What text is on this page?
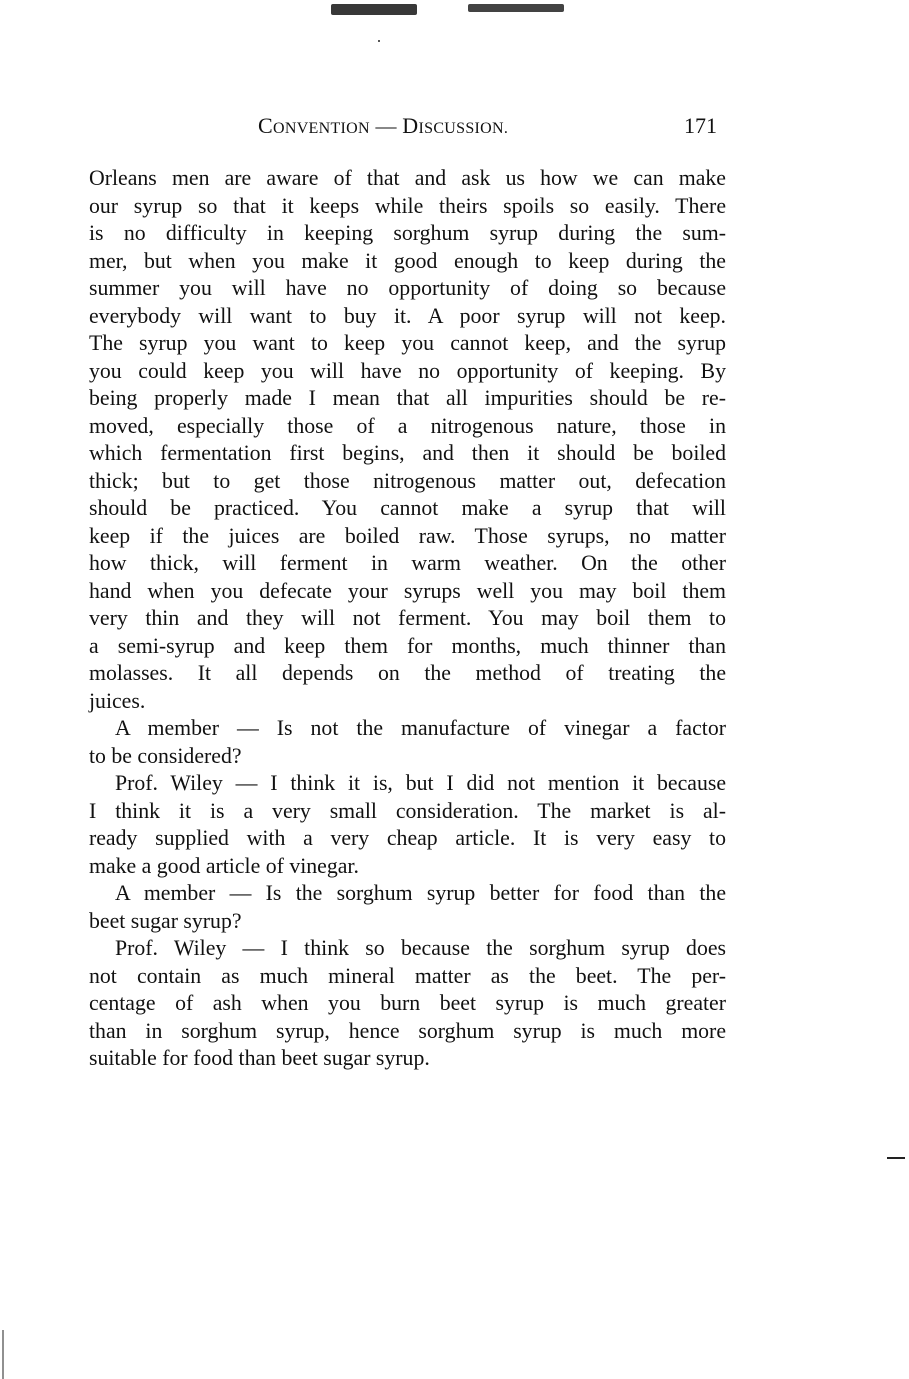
CONVENTION — DISCUSSION.	171
Orleans men are aware of that and ask us how we can make
our syrup so that it keeps while theirs spoils so easily. There
is no difficulty in keeping sorghum syrup during the sum-
mer, but when you make it good enough to keep during the
summer you will have no opportunity of doing so because
everybody will want to buy it. A poor syrup will not keep.
The syrup you want to keep you cannot keep, and the syrup
you could keep you will have no opportunity of keeping. By
being properly made I mean that all impurities should be re-
moved, especially those of a nitrogenous nature, those in
which fermentation first begins, and then it should be boiled
thick; but to get those nitrogenous matter out, defecation
should be practiced. You cannot make a syrup that will
keep if the juices are boiled raw. Those syrups, no matter
how thick, will ferment in warm weather. On the other
hand when you defecate your syrups well you may boil them
very thin and they will not ferment. You may boil them to
a semi-syrup and keep them for months, much thinner than
molasses. It all depends on the method of treating the
juices.
A member — Is not the manufacture of vinegar a factor
to be considered?
Prof. Wiley — I think it is, but I did not mention it because
I think it is a very small consideration. The market is al-
ready supplied with a very cheap article. It is very easy to
make a good article of vinegar.
A member — Is the sorghum syrup better for food than the
beet sugar syrup?
Prof. Wiley — I think so because the sorghum syrup does
not contain as much mineral matter as the beet. The per-
centage of ash when you burn beet syrup is much greater
than in sorghum syrup, hence sorghum syrup is much more
suitable for food than beet sugar syrup.
